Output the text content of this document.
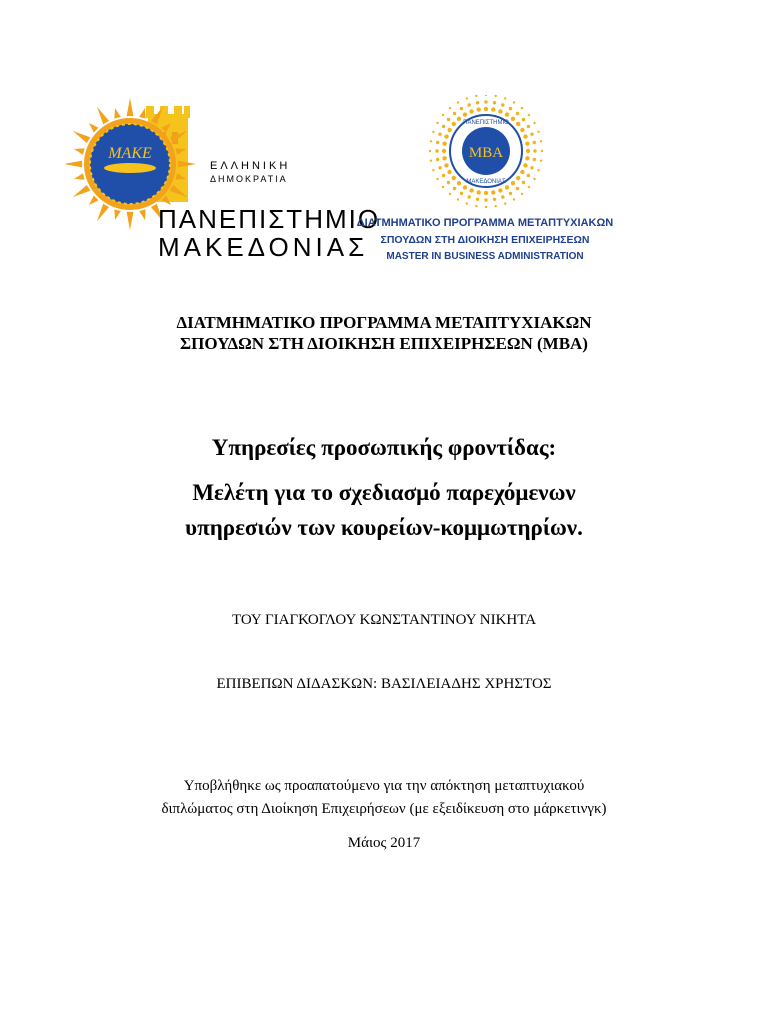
ΜΑΚΕ
ΕΛΛΗΝΙΚΗ
ΔΗΜΟΚΡΑΤΙΑ
ΠΑΝΕΠΙΣΤΗΜΙΟ
ΜΑΚΕΔΟΝΙΑΣ
MBA
ΠΑΝΕΠΙΣΤΗΜΙΟ
ΜΑΚΕΔΟΝΙΑΣ
ΔΙΑΤΜΗΜΑΤΙΚΟ ΠΡΟΓΡΑΜΜΑ ΜΕΤΑΠΤΥΧΙΑΚΩΝ
ΣΠΟΥΔΩΝ ΣΤΗ ΔΙΟΙΚΗΣΗ ΕΠΙΧΕΙΡΗΣΕΩΝ
MASTER IN BUSINESS ADMINISTRATION
ΔΙΑΤΜΗΜΑΤΙΚΟ ΠΡΟΓΡΑΜΜΑ ΜΕΤΑΠΤΥΧΙΑΚΩΝ
ΣΠΟΥΔΩΝ ΣΤΗ ΔΙΟΙΚΗΣΗ ΕΠΙΧΕΙΡΗΣΕΩΝ (MBA)
Υπηρεσίες προσωπικής φροντίδας:
Μελέτη για το σχεδιασμό παρεχόμενων
υπηρεσιών των κουρείων-κομμωτηρίων.
ΤΟΥ ΓΙΑΓΚΟΓΛΟΥ ΚΩΝΣΤΑΝΤΙΝΟΥ ΝΙΚΗΤΑ
ΕΠΙΒΕΠΩΝ ΔΙΔΑΣΚΩΝ: ΒΑΣΙΛΕΙΑΔΗΣ ΧΡΗΣΤΟΣ
Υποβλήθηκε ως προαπατούμενο για την απόκτηση μεταπτυχιακού
διπλώματος στη Διοίκηση Επιχειρήσεων (με εξειδίκευση στο μάρκετινγκ)
Μάιος 2017
